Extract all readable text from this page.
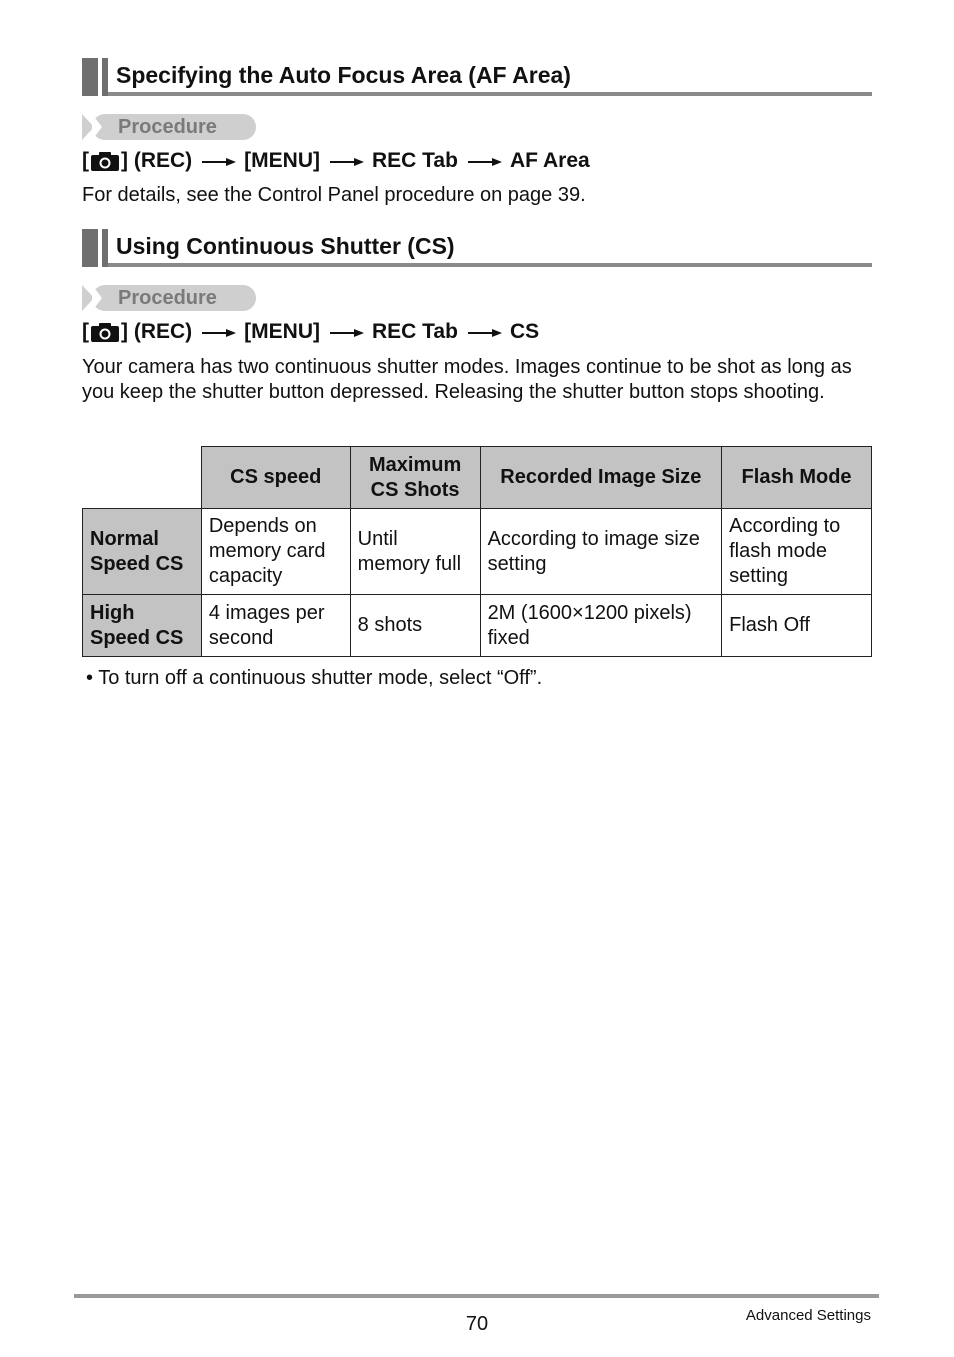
Specifying the Auto Focus Area (AF Area)
Procedure
[ ] (REC) [MENU] REC Tab AF Area
For details, see the Control Panel procedure on page 39.
Using Continuous Shutter (CS)
Procedure
[ ] (REC) [MENU] REC Tab CS
Your camera has two continuous shutter modes. Images continue to be shot as long as you keep the shutter button depressed. Releasing the shutter button stops shooting.
	CS speed	Maximum CS Shots	Recorded Image Size	Flash Mode
Normal Speed CS	Depends on memory card capacity	Until memory full	According to image size setting	According to flash mode setting
High Speed CS	4 images per second	8 shots	2M (1600×1200 pixels) fixed	Flash Off
• To turn off a continuous shutter mode, select “Off”.
70	Advanced Settings
